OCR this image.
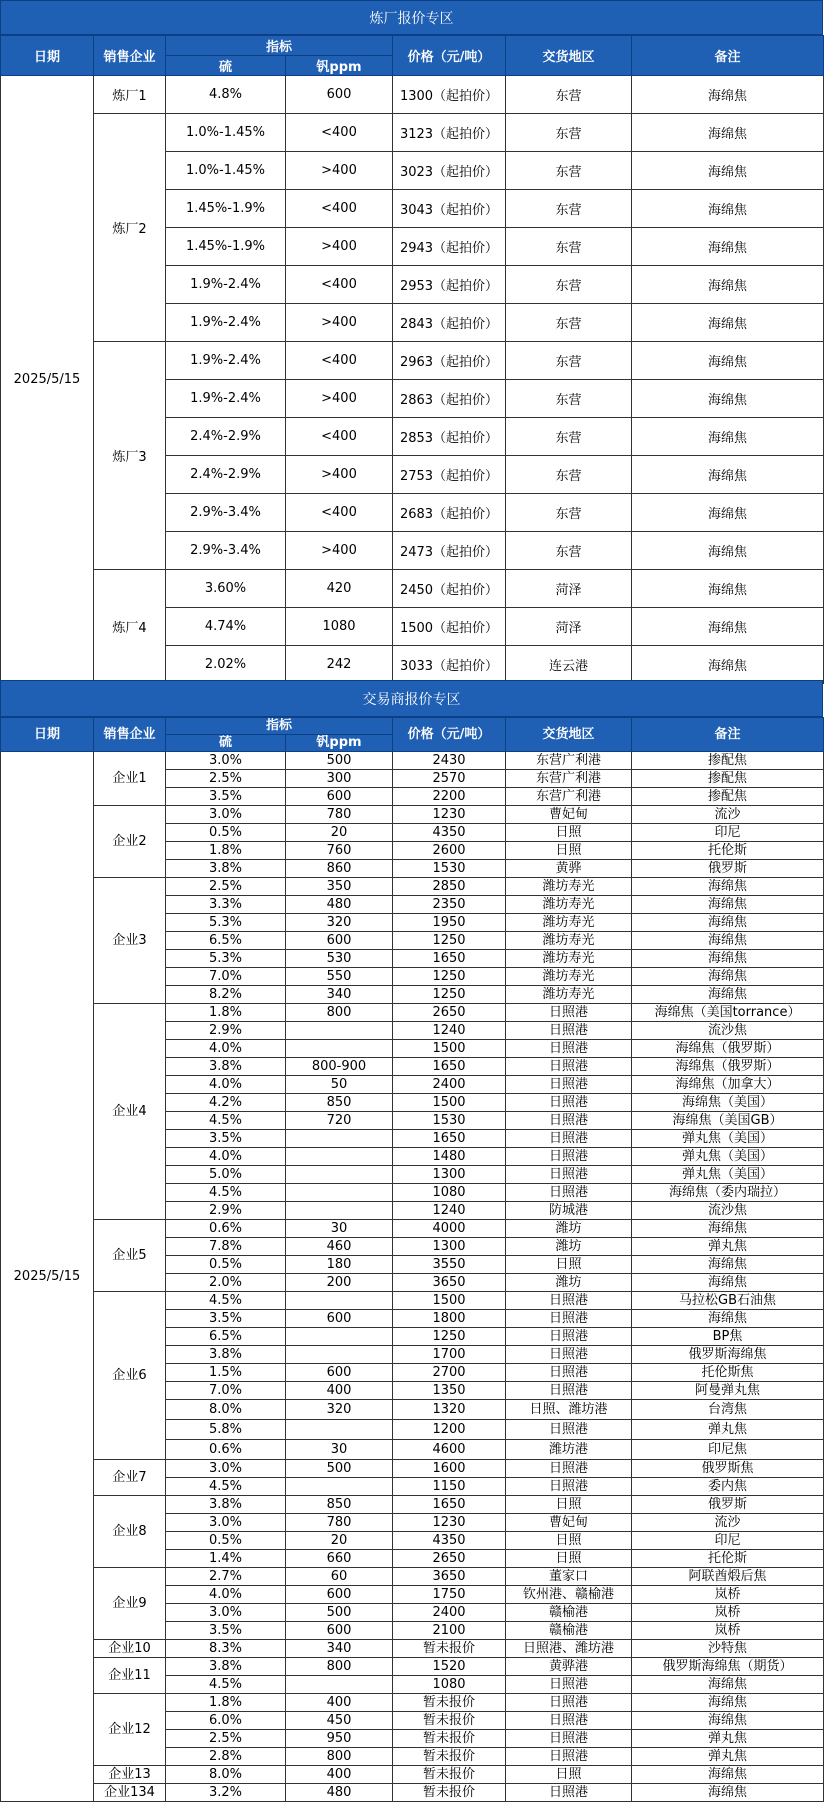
炼厂报价专区
日期	销售企业	指标		价格（元/吨）	交货地区	备注
		硫	钒ppm			
2025/5/15	炼厂1	4.8%	600	1300（起拍价）	东营	海绵焦
	炼厂2	1.0%-1.45%	<400	3123（起拍价）	东营	海绵焦
		1.0%-1.45%	>400	3023（起拍价）	东营	海绵焦
		1.45%-1.9%	<400	3043（起拍价）	东营	海绵焦
		1.45%-1.9%	>400	2943（起拍价）	东营	海绵焦
		1.9%-2.4%	<400	2953（起拍价）	东营	海绵焦
		1.9%-2.4%	>400	2843（起拍价）	东营	海绵焦
	炼厂3	1.9%-2.4%	<400	2963（起拍价）	东营	海绵焦
		1.9%-2.4%	>400	2863（起拍价）	东营	海绵焦
		2.4%-2.9%	<400	2853（起拍价）	东营	海绵焦
		2.4%-2.9%	>400	2753（起拍价）	东营	海绵焦
		2.9%-3.4%	<400	2683（起拍价）	东营	海绵焦
		2.9%-3.4%	>400	2473（起拍价）	东营	海绵焦
	炼厂4	3.60%	420	2450（起拍价）	菏泽	海绵焦
		4.74%	1080	1500（起拍价）	菏泽	海绵焦
		2.02%	242	3033（起拍价）	连云港	海绵焦
交易商报价专区
日期	销售企业	指标		价格（元/吨）	交货地区	备注
		硫	钒ppm			
2025/5/15	企业1	3.0%	500	2430	东营广利港	掺配焦
		2.5%	300	2570	东营广利港	掺配焦
		3.5%	600	2200	东营广利港	掺配焦
	企业2	3.0%	780	1230	曹妃甸	流沙
		0.5%	20	4350	日照	印尼
		1.8%	760	2600	日照	托伦斯
		3.8%	860	1530	黄骅	俄罗斯
	企业3	2.5%	350	2850	潍坊寿光	海绵焦
		3.3%	480	2350	潍坊寿光	海绵焦
		5.3%	320	1950	潍坊寿光	海绵焦
		6.5%	600	1250	潍坊寿光	海绵焦
		5.3%	530	1650	潍坊寿光	海绵焦
		7.0%	550	1250	潍坊寿光	海绵焦
		8.2%	340	1250	潍坊寿光	海绵焦
	企业4	1.8%	800	2650	日照港	海绵焦（美国torrance）
		2.9%		1240	日照港	流沙焦
		4.0%		1500	日照港	海绵焦（俄罗斯）
		3.8%	800-900	1650	日照港	海绵焦（俄罗斯）
		4.0%	50	2400	日照港	海绵焦（加拿大）
		4.2%	850	1500	日照港	海绵焦（美国）
		4.5%	720	1530	日照港	海绵焦（美国GB）
		3.5%		1650	日照港	弹丸焦（美国）
		4.0%		1480	日照港	弹丸焦（美国）
		5.0%		1300	日照港	弹丸焦（美国）
		4.5%		1080	日照港	海绵焦（委内瑞拉）
		2.9%		1240	防城港	流沙焦
	企业5	0.6%	30	4000	潍坊	海绵焦
		7.8%	460	1300	潍坊	弹丸焦
		0.5%	180	3550	日照	海绵焦
		2.0%	200	3650	潍坊	海绵焦
	企业6	4.5%		1500	日照港	马拉松GB石油焦
		3.5%	600	1800	日照港	海绵焦
		6.5%		1250	日照港	BP焦
		3.8%		1700	日照港	俄罗斯海绵焦
		1.5%	600	2700	日照港	托伦斯焦
		7.0%	400	1350	日照港	阿曼弹丸焦
		8.0%	320	1320	日照、潍坊港	台湾焦
		5.8%		1200	日照港	弹丸焦
		0.6%	30	4600	潍坊港	印尼焦
	企业7	3.0%	500	1600	日照港	俄罗斯焦
		4.5%		1150	日照港	委内焦
	企业8	3.8%	850	1650	日照	俄罗斯
		3.0%	780	1230	曹妃甸	流沙
		0.5%	20	4350	日照	印尼
		1.4%	660	2650	日照	托伦斯
	企业9	2.7%	60	3650	董家口	阿联酋煅后焦
		4.0%	600	1750	钦州港、赣榆港	岚桥
		3.0%	500	2400	赣榆港	岚桥
		3.5%	600	2100	赣榆港	岚桥
	企业10	8.3%	340	暂未报价	日照港、潍坊港	沙特焦
	企业11	3.8%	800	1520	黄骅港	俄罗斯海绵焦（期货）
		4.5%		1080	日照港	海绵焦
	企业12	1.8%	400	暂未报价	日照港	海绵焦
		6.0%	450	暂未报价	日照港	海绵焦
		2.5%	950	暂未报价	日照港	弹丸焦
		2.8%	800	暂未报价	日照港	弹丸焦
	企业13	8.0%	400	暂未报价	日照	海绵焦
	企业134	3.2%	480	暂未报价	日照港	海绵焦
